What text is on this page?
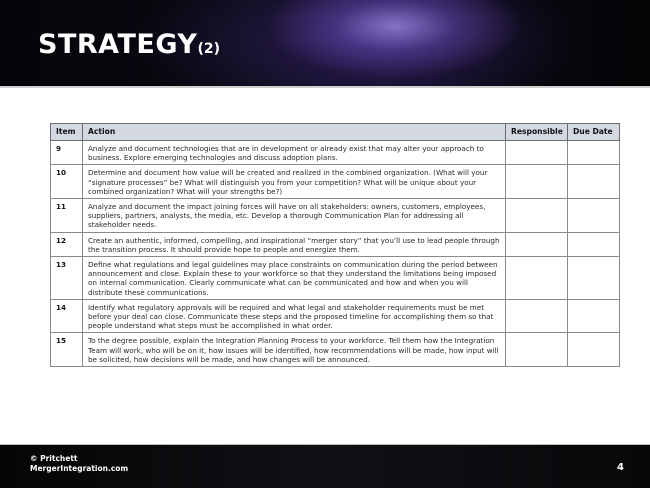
STRATEGY(2)
Item	Action	Responsible	Due Date
9	Analyze and document technologies that are in development or already exist that may alter your approach to business. Explore emerging technologies and discuss adoption plans.		
10	Determine and document how value will be created and realized in the combined organization. (What will your “signature processes” be? What will distinguish you from your competition? What will be unique about your combined organization? What will your strengths be?)		
11	Analyze and document the impact joining forces will have on all stakeholders: owners, customers, employees, suppliers, partners, analysts, the media, etc. Develop a thorough Communication Plan for addressing all stakeholder needs.		
12	Create an authentic, informed, compelling, and inspirational “merger story” that you’ll use to lead people through the transition process. It should provide hope to people and energize them.		
13	Define what regulations and legal guidelines may place constraints on communication during the period between announcement and close. Explain these to your workforce so that they understand the limitations being imposed on internal communication. Clearly communicate what can be communicated and how and when you will distribute these communications.		
14	Identify what regulatory approvals will be required and what legal and stakeholder requirements must be met before your deal can close. Communicate these steps and the proposed timeline for accomplishing them so that people understand what steps must be accomplished in what order.		
15	To the degree possible, explain the Integration Planning Process to your workforce. Tell them how the Integration Team will work, who will be on it, how issues will be identified, how recommendations will be made, how input will be solicited, how decisions will be made, and how changes will be announced.		
© Pritchett
MergerIntegration.com	4
